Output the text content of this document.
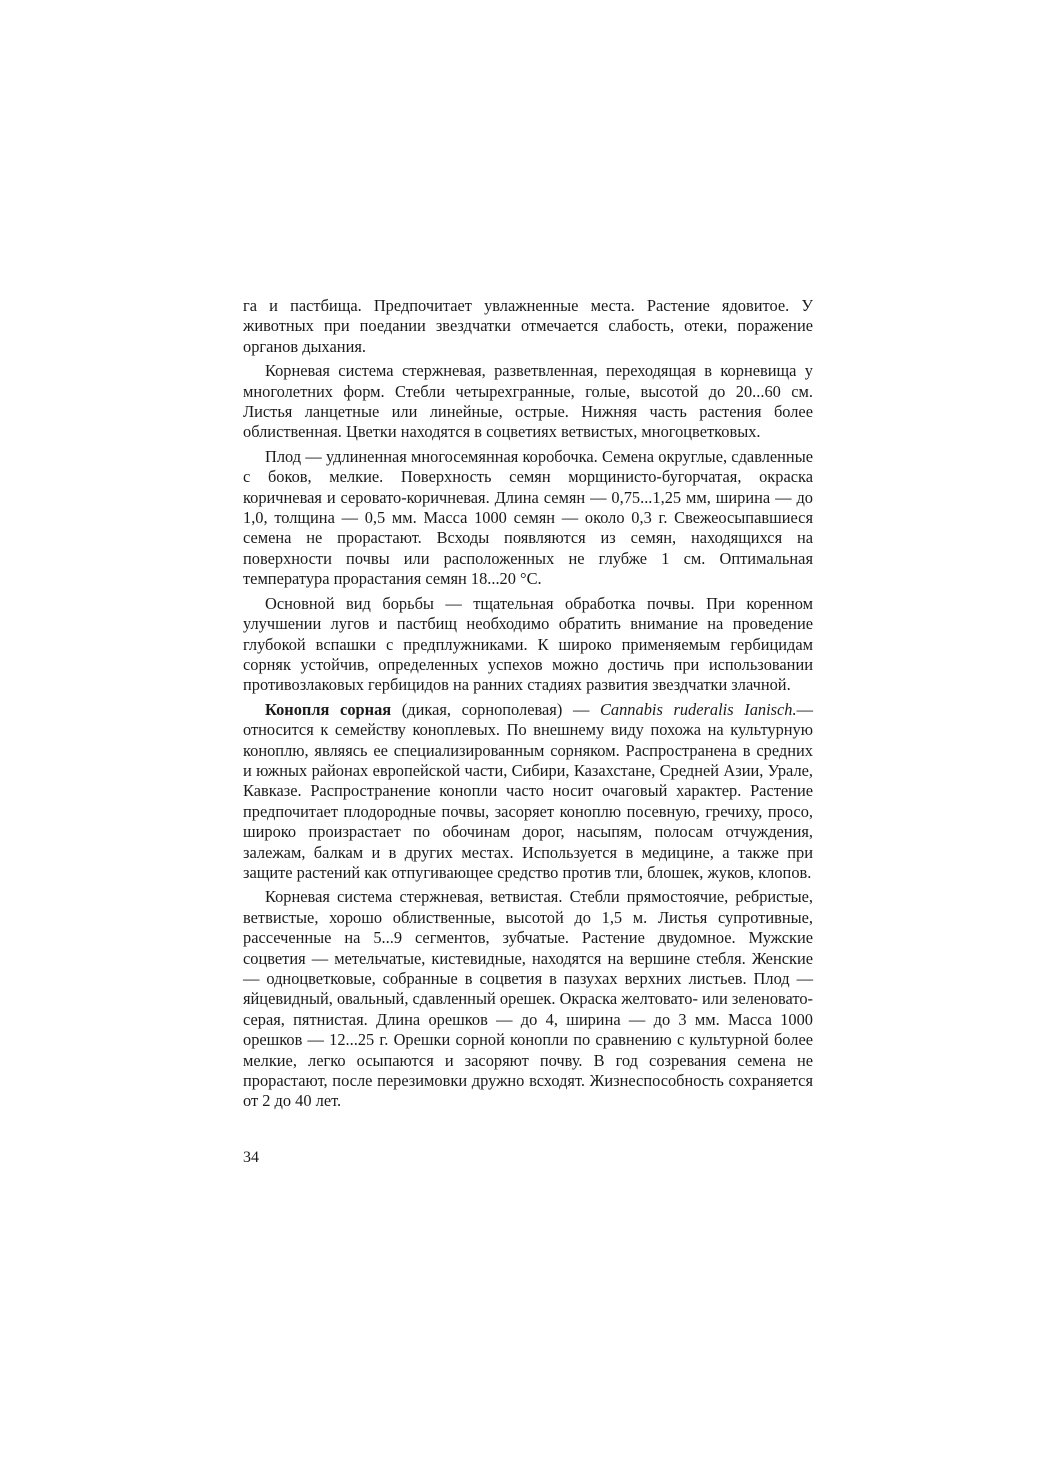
га и пастбища. Предпочитает увлажненные места. Растение ядовитое. У животных при поедании звездчатки отмечается слабость, отеки, поражение органов дыхания.

Корневая система стержневая, разветвленная, переходящая в корневища у многолетних форм. Стебли четырехгранные, голые, высотой до 20...60 см. Листья ланцетные или линейные, острые. Нижняя часть растения более облиственная. Цветки находятся в соцветиях ветвистых, многоцветковых.

Плод — удлиненная многосемянная коробочка. Семена округлые, сдавленные с боков, мелкие. Поверхность семян морщинисто-бугорчатая, окраска коричневая и серовато-коричневая. Длина семян — 0,75...1,25 мм, ширина — до 1,0, толщина — 0,5 мм. Масса 1000 семян — около 0,3 г. Свежеосыпавшиеся семена не прорастают. Всходы появляются из семян, находящихся на поверхности почвы или расположенных не глубже 1 см. Оптимальная температура прорастания семян 18...20 °С.

Основной вид борьбы — тщательная обработка почвы. При коренном улучшении лугов и пастбищ необходимо обратить внимание на проведение глубокой вспашки с предплужниками. К широко применяемым гербицидам сорняк устойчив, определенных успехов можно достичь при использовании противозлаковых гербицидов на ранних стадиях развития звездчатки злачной.

Конопля сорная (дикая, сорнополевая) — Cannabis ruderalis Ianisch.— относится к семейству коноплевых. По внешнему виду похожа на культурную коноплю, являясь ее специализированным сорняком. Распространена в средних и южных районах европейской части, Сибири, Казахстане, Средней Азии, Урале, Кавказе. Распространение конопли часто носит очаговый характер. Растение предпочитает плодородные почвы, засоряет коноплю посевную, гречиху, просо, широко произрастает по обочинам дорог, насыпям, полосам отчуждения, залежам, балкам и в других местах. Используется в медицине, а также при защите растений как отпугивающее средство против тли, блошек, жуков, клопов.

Корневая система стержневая, ветвистая. Стебли прямостоячие, ребристые, ветвистые, хорошо облиственные, высотой до 1,5 м. Листья супротивные, рассеченные на 5...9 сегментов, зубчатые. Растение двудомное. Мужские соцветия — метельчатые, кистевидные, находятся на вершине стебля. Женские — одноцветковые, собранные в соцветия в пазухах верхних листьев. Плод — яйцевидный, овальный, сдавленный орешек. Окраска желтовато- или зеленовато-серая, пятнистая. Длина орешков — до 4, ширина — до 3 мм. Масса 1000 орешков — 12...25 г. Орешки сорной конопли по сравнению с культурной более мелкие, легко осыпаются и засоряют почву. В год созревания семена не прорастают, после перезимовки дружно всходят. Жизнеспособность сохраняется от 2 до 40 лет.

34
